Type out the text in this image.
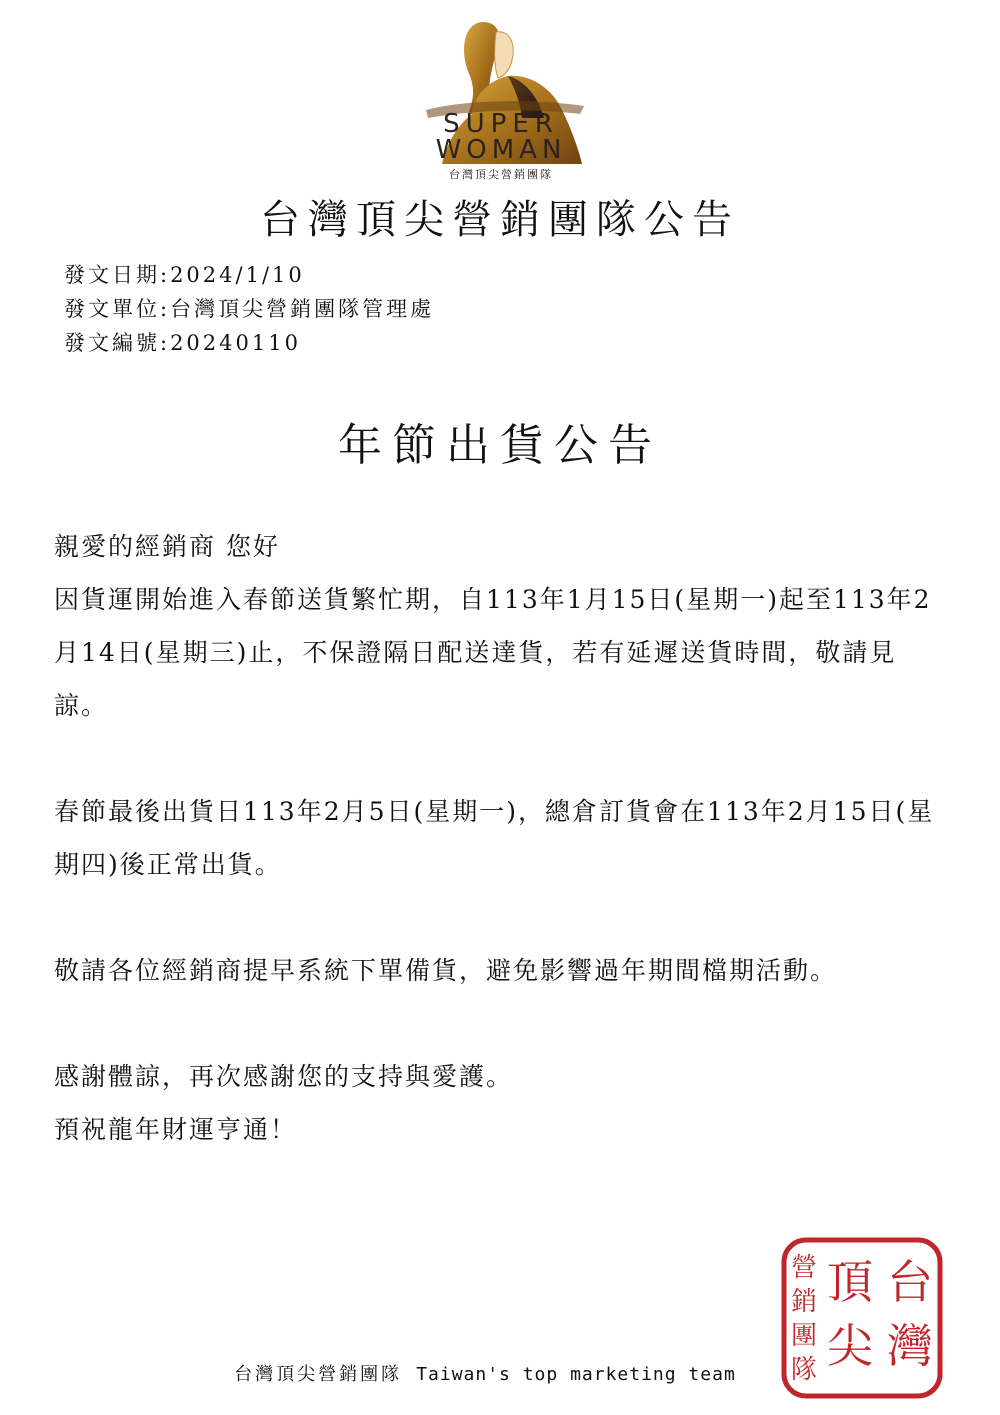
SUPER
WOMAN
台灣頂尖營銷團隊
台灣頂尖營銷團隊公告
發文日期:2024/1/10
發文單位:台灣頂尖營銷團隊管理處
發文編號:20240110
年節出貨公告

親愛的經銷商 您好

因貨運開始進入春節送貨繁忙期，自113年1月15日(星期一)起至113年2月14日(星期三)止，不保證隔日配送達貨，若有延遲送貨時間，敬請見諒。

春節最後出貨日113年2月5日(星期一)，總倉訂貨會在113年2月15日(星期四)後正常出貨。

敬請各位經銷商提早系統下單備貨，避免影響過年期間檔期活動。

感謝體諒，再次感謝您的支持與愛護。

預祝龍年財運亨通！

營
銷
團
隊
頂
尖
台
灣
台灣頂尖營銷團隊 Taiwan's top marketing team
